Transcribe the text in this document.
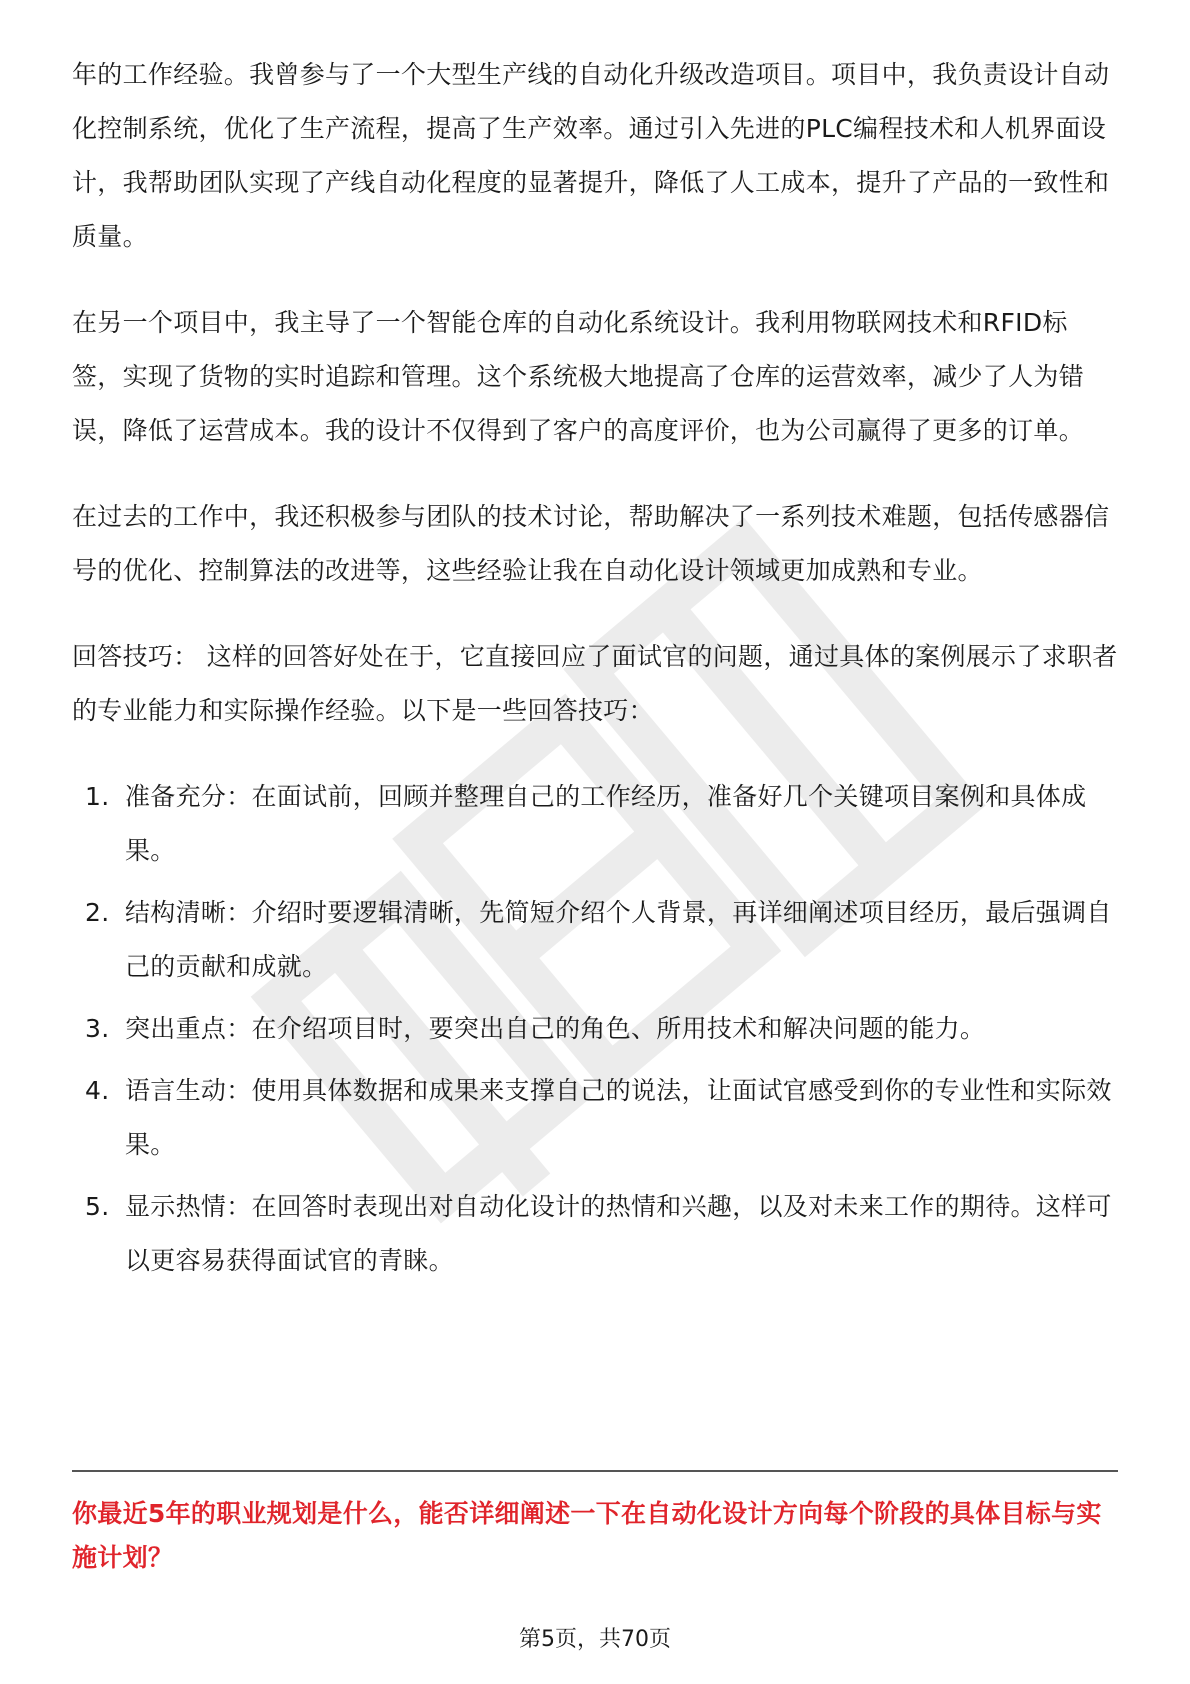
年的工作经验。我曾参与了一个大型生产线的自动化升级改造项目。项目中，我负责设计自动化控制系统，优化了生产流程，提高了生产效率。通过引入先进的PLC编程技术和人机界面设计，我帮助团队实现了产线自动化程度的显著提升，降低了人工成本，提升了产品的一致性和质量。

在另一个项目中，我主导了一个智能仓库的自动化系统设计。我利用物联网技术和RFID标签，实现了货物的实时追踪和管理。这个系统极大地提高了仓库的运营效率，减少了人为错误，降低了运营成本。我的设计不仅得到了客户的高度评价，也为公司赢得了更多的订单。

在过去的工作中，我还积极参与团队的技术讨论，帮助解决了一系列技术难题，包括传感器信号的优化、控制算法的改进等，这些经验让我在自动化设计领域更加成熟和专业。

回答技巧： 这样的回答好处在于，它直接回应了面试官的问题，通过具体的案例展示了求职者的专业能力和实际操作经验。以下是一些回答技巧：

1. 准备充分：在面试前，回顾并整理自己的工作经历，准备好几个关键项目案例和具体成果。
2. 结构清晰：介绍时要逻辑清晰，先简短介绍个人背景，再详细阐述项目经历，最后强调自己的贡献和成就。
3. 突出重点：在介绍项目时，要突出自己的角色、所用技术和解决问题的能力。
4. 语言生动：使用具体数据和成果来支撑自己的说法，让面试官感受到你的专业性和实际效果。
5. 显示热情：在回答时表现出对自动化设计的热情和兴趣，以及对未来工作的期待。这样可以更容易获得面试官的青睐。
你最近5年的职业规划是什么，能否详细阐述一下在自动化设计方向每个阶段的具体目标与实施计划？
第5页，共70页
